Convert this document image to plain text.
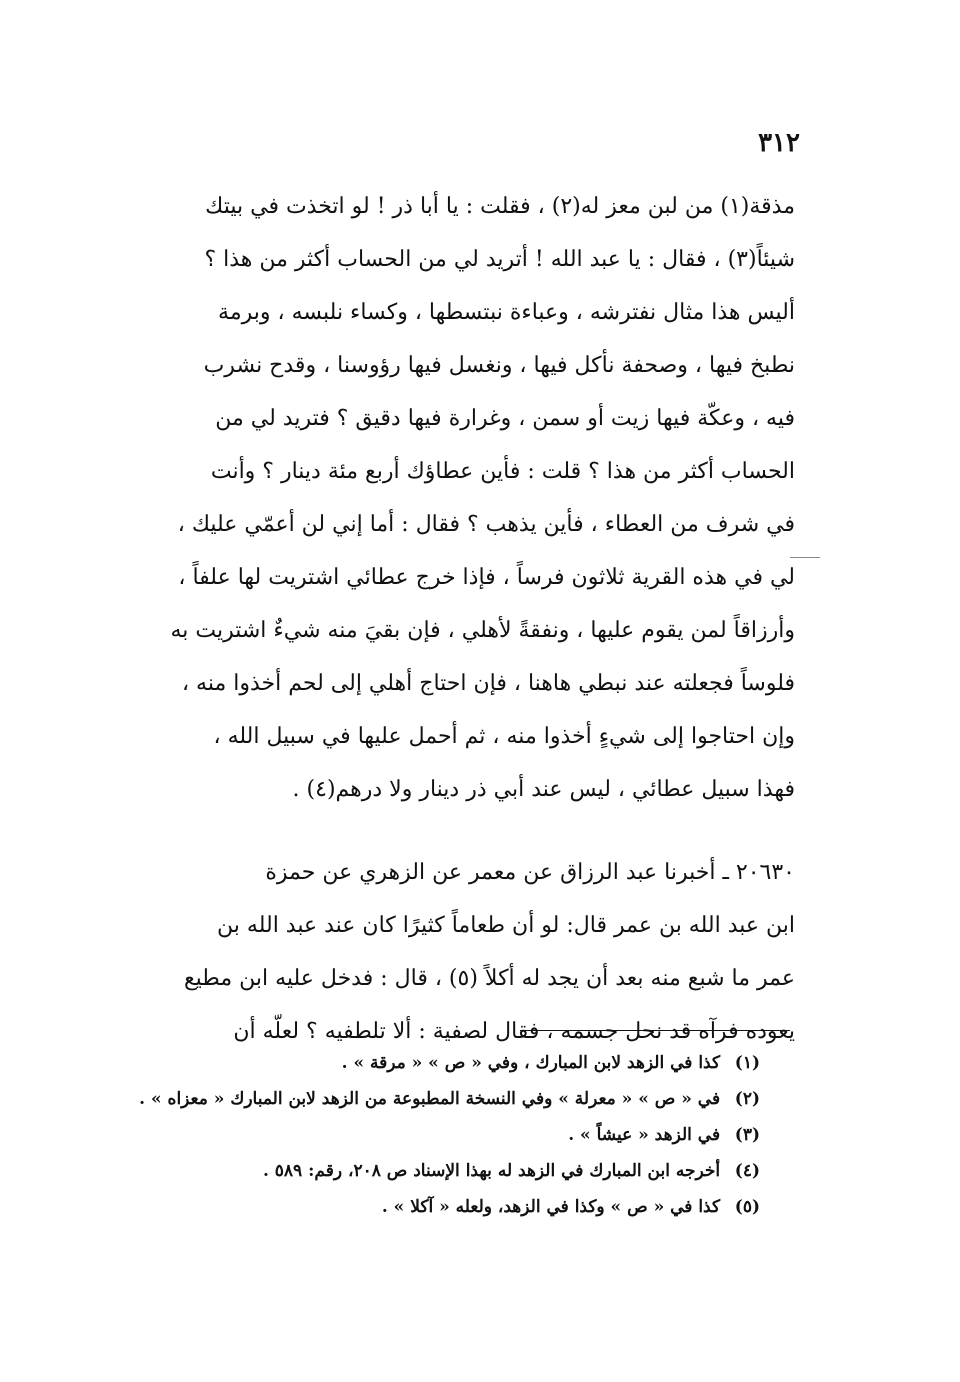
٣١٢
مذقة(١) من لبن معز له(٢) ، فقلت : يا أبا ذر ! لو اتخذت في بيتك
شيئاً(٣) ، فقال : يا عبد الله ! أتريد لي من الحساب أكثر من هذا ؟
أليس هذا مثال نفترشه ، وعباءة نبتسطها ، وكساء نلبسه ، وبرمة
نطبخ فيها ، وصحفة نأكل فيها ، ونغسل فيها رؤوسنا ، وقدح نشرب
فيه ، وعكّة فيها زيت أو سمن ، وغرارة فيها دقيق ؟ فتريد لي من
الحساب أكثر من هذا ؟ قلت : فأين عطاؤك أربع مئة دينار ؟ وأنت
في شرف من العطاء ، فأين يذهب ؟ فقال : أما إني لن أعمّي عليك ،
لي في هذه القرية ثلاثون فرساً ، فإذا خرج عطائي اشتريت لها علفاً ،
وأرزاقاً لمن يقوم عليها ، ونفقةً لأهلي ، فإن بقيَ منه شيءٌ اشتريت به
فلوساً فجعلته عند نبطي هاهنا ، فإن احتاج أهلي إلى لحم أخذوا منه ،
وإن احتاجوا إلى شيءٍ أخذوا منه ، ثم أحمل عليها في سبيل الله ،
فهذا سبيل عطائي ، ليس عند أبي ذر دينار ولا درهم(٤) .
٢٠٦٣٠ ـ أخبرنا عبد الرزاق عن معمر عن الزهري عن حمزة
ابن عبد الله بن عمر قال: لو أن طعاماً كثيرًا كان عند عبد الله بن
عمر ما شبع منه بعد أن يجد له أكلاً (٥) ، قال : فدخل عليه ابن مطيع
يعوده فرآه قد نحل جسمه ، فقال لصفية : ألا تلطفيه ؟ لعلّه أن
(١) كذا في الزهد لابن المبارك ، وفي « ص » « مرقة » .
(٢) في « ص » « معرلة » وفي النسخة المطبوعة من الزهد لابن المبارك « معزاه » .
(٣) في الزهد « عيشاً » .
(٤) أخرجه ابن المبارك في الزهد له بهذا الإسناد ص ٢٠٨، رقم: ٥٨٩ .
(٥) كذا في « ص » وكذا في الزهد، ولعله « آكلا » .
